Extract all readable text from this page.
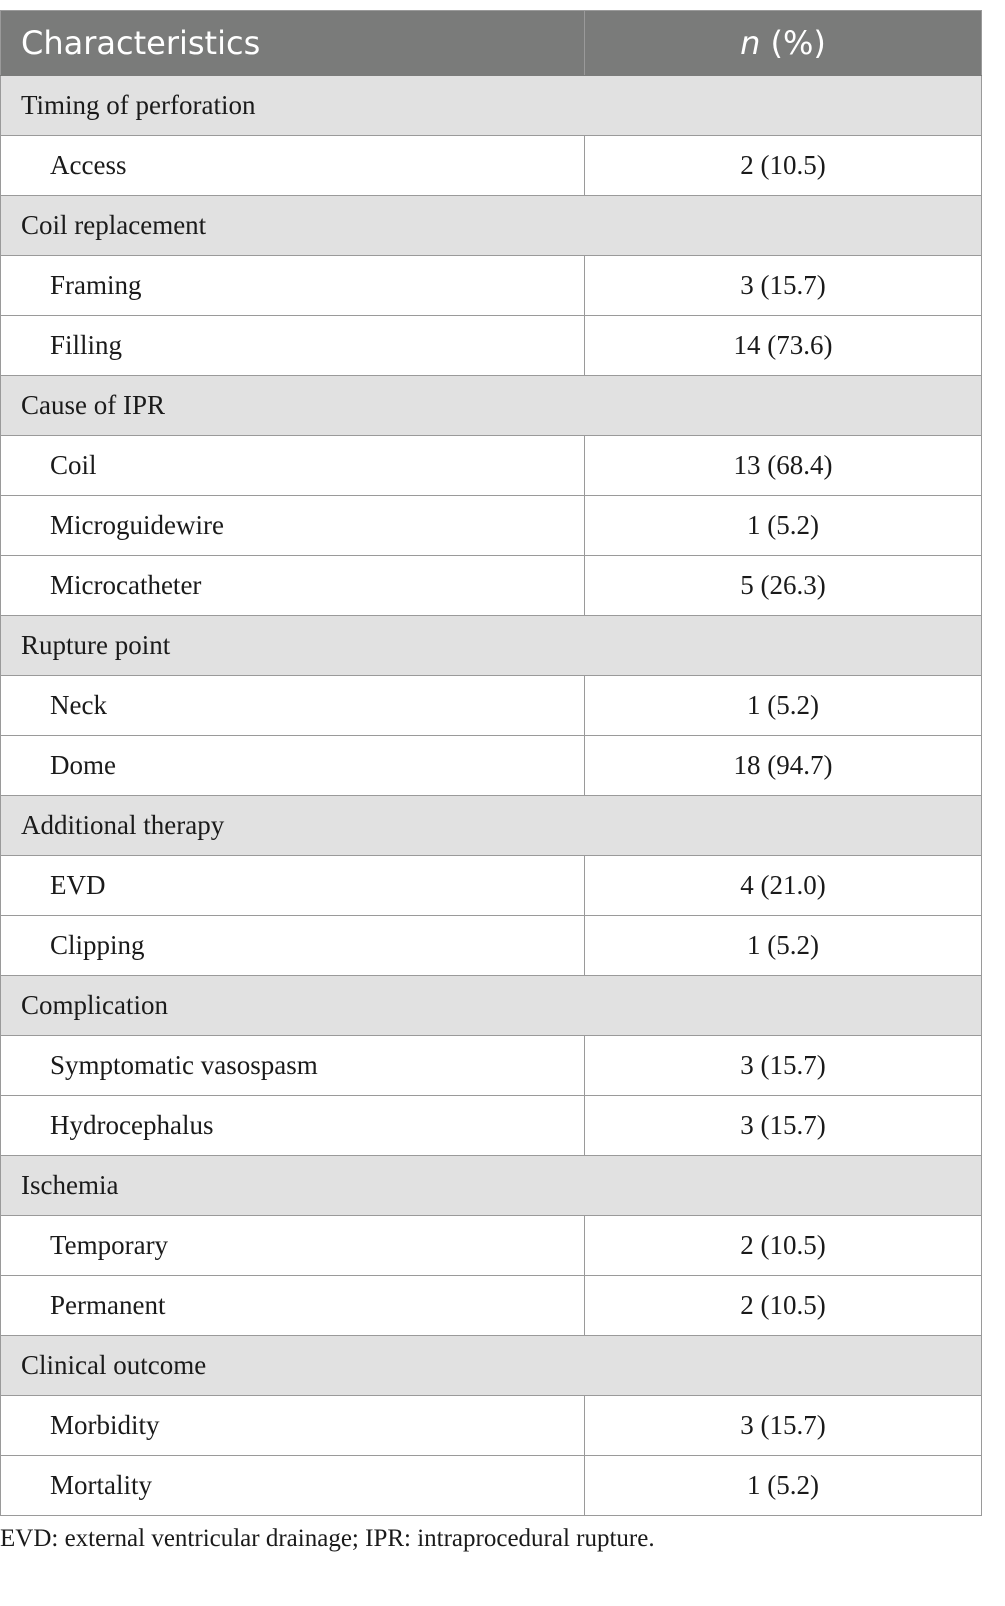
Characteristics	n (%)
Timing of perforation	
Access	2 (10.5)
Coil replacement	
Framing	3 (15.7)
Filling	14 (73.6)
Cause of IPR	
Coil	13 (68.4)
Microguidewire	1 (5.2)
Microcatheter	5 (26.3)
Rupture point	
Neck	1 (5.2)
Dome	18 (94.7)
Additional therapy	
EVD	4 (21.0)
Clipping	1 (5.2)
Complication	
Symptomatic vasospasm	3 (15.7)
Hydrocephalus	3 (15.7)
Ischemia	
Temporary	2 (10.5)
Permanent	2 (10.5)
Clinical outcome	
Morbidity	3 (15.7)
Mortality	1 (5.2)
EVD: external ventricular drainage; IPR: intraprocedural rupture.
